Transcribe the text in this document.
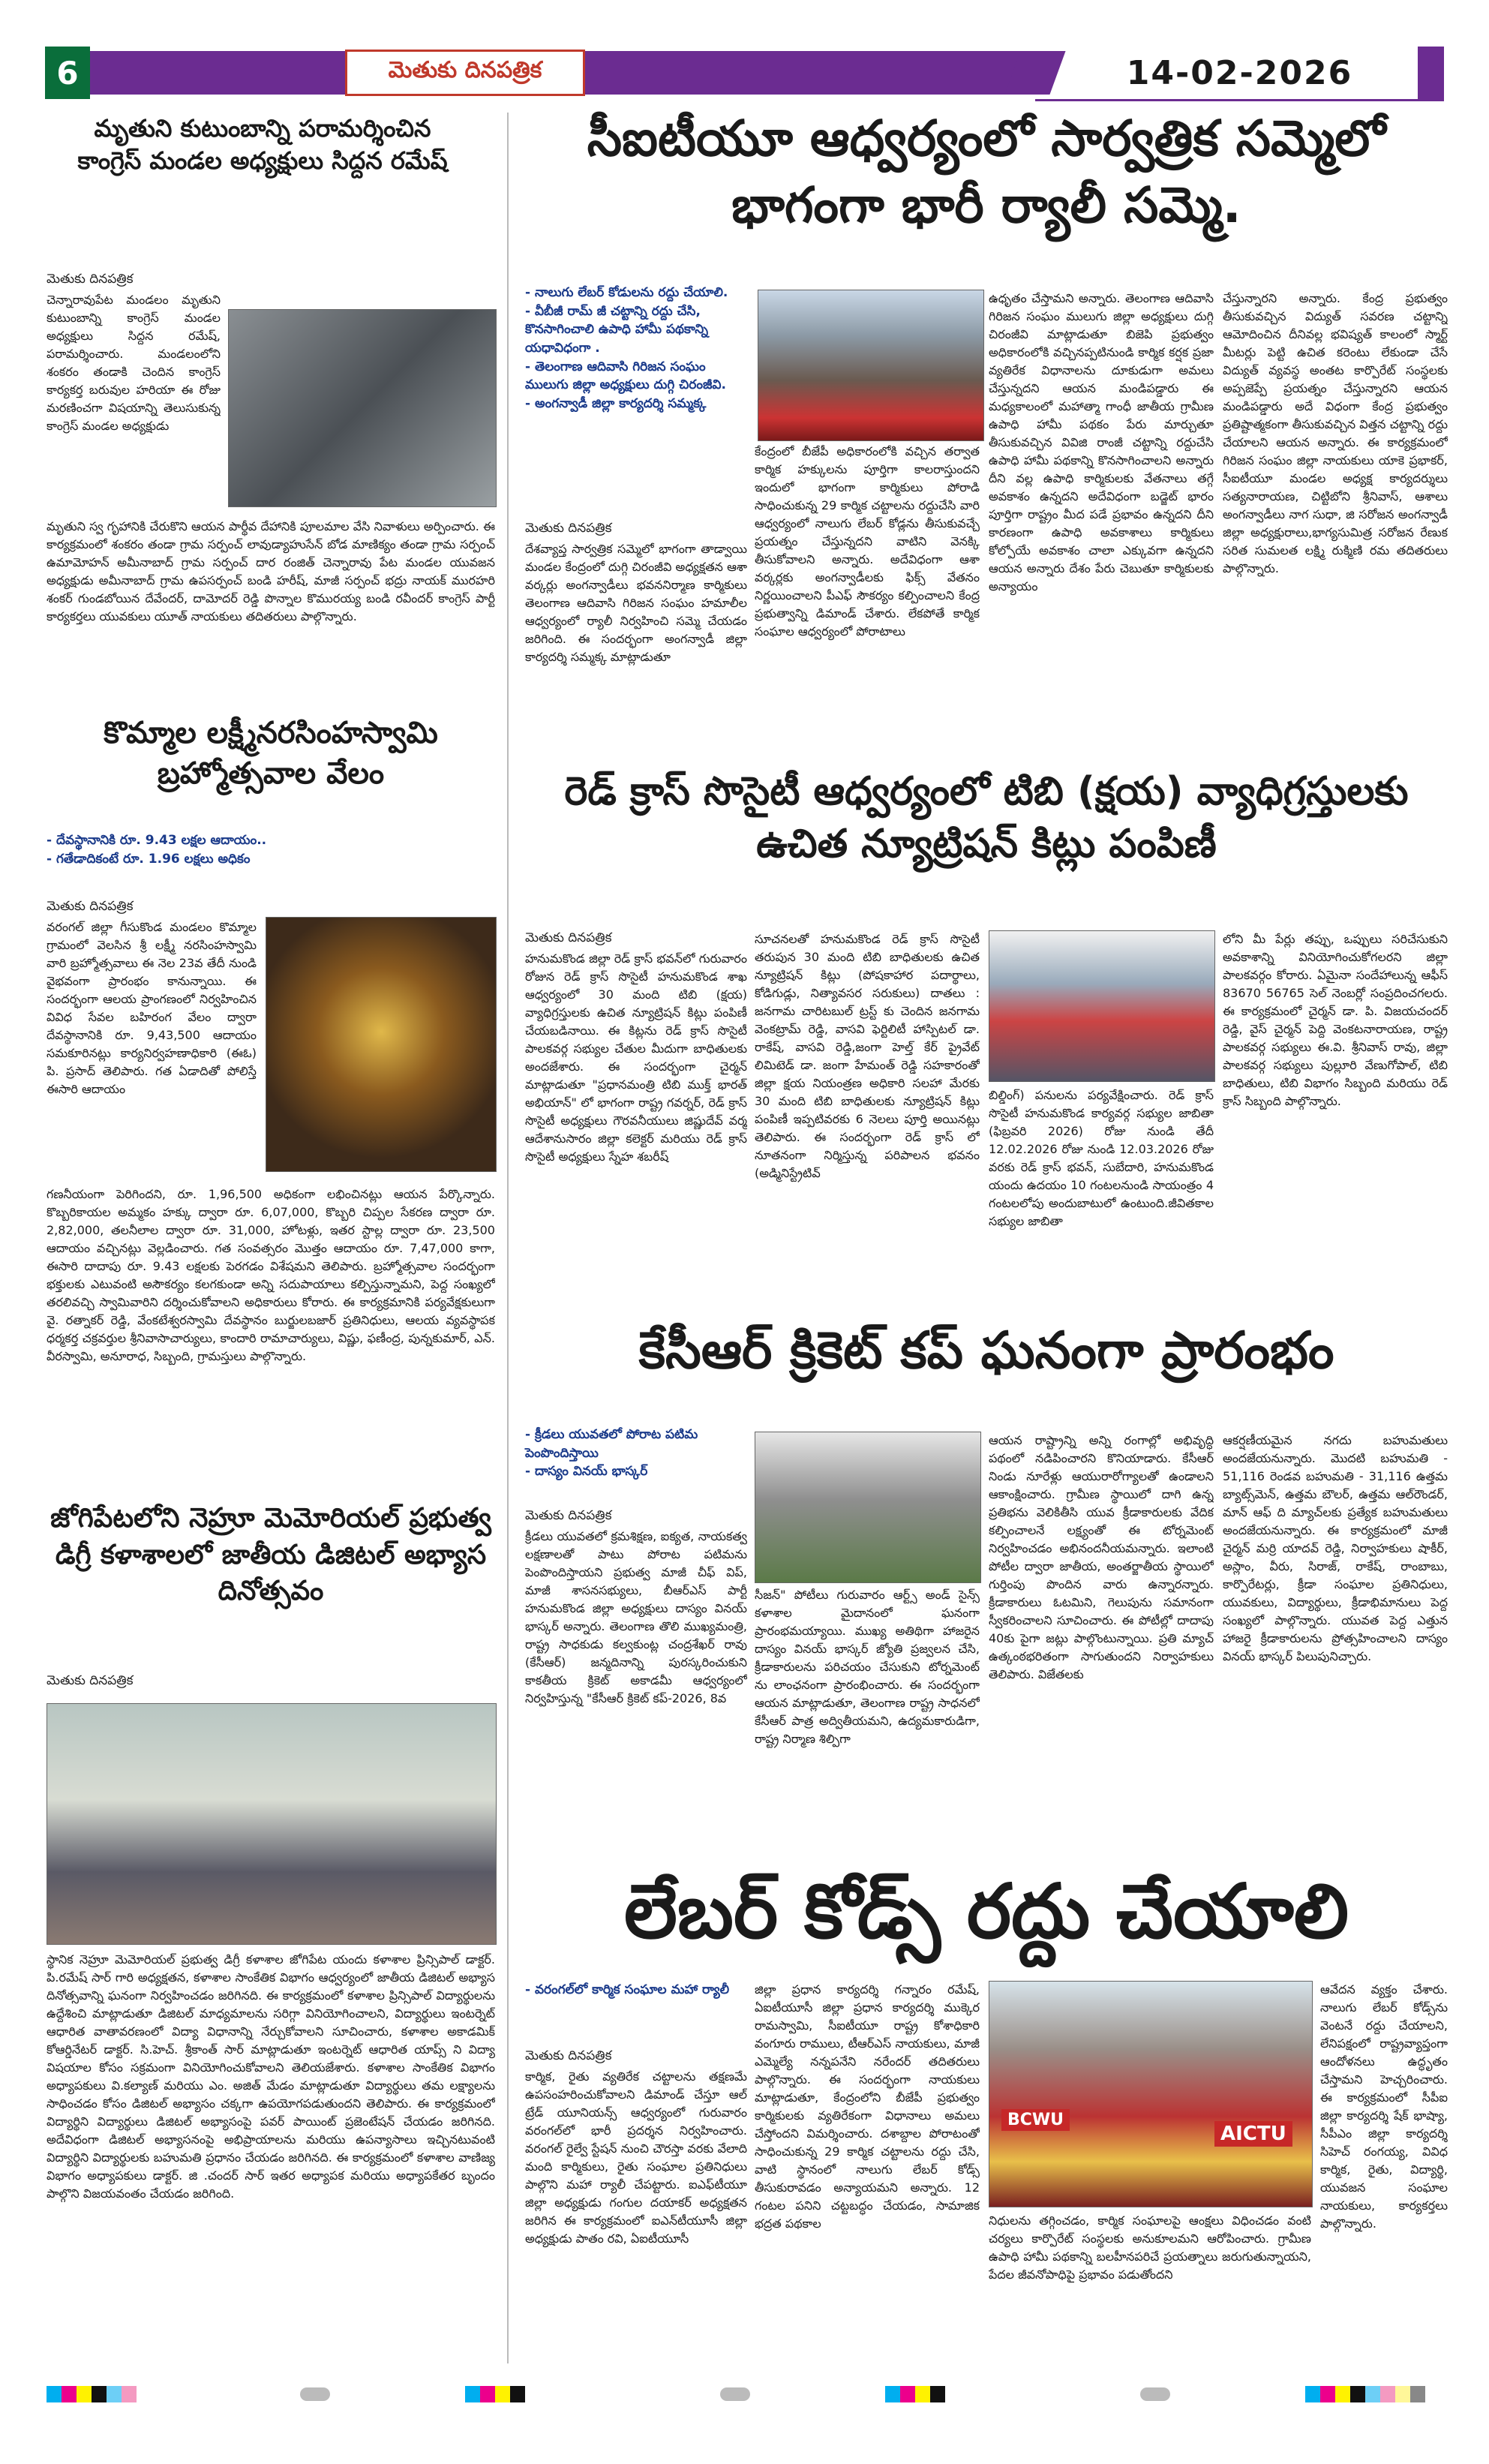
6	మెతుకు దినపత్రిక	14-02-2026
మృతుని కుటుంబాన్ని పరామర్శించిన కాంగ్రెస్ మండల అధ్యక్షులు సిద్దన రమేష్
మెతుకు దినపత్రిక
చెన్నారావుపేట మండలం మృతుని కుటుంబాన్ని కాంగ్రెస్ మండల అధ్యక్షులు సిద్దన రమేష్, పరామర్శించారు. మండలంలోని శంకరం తండాకి చెందిన కాంగ్రెస్ కార్యకర్త బరువుల హరియా ఈ రోజు మరణించగా విషయాన్ని తెలుసుకున్న కాంగ్రెస్ మండల అధ్యక్షుడు
మృతుని స్వ గృహానికి చేరుకొని ఆయన పార్థీవ దేహానికి పూలమాల వేసి నివాళులు అర్పించారు. ఈ కార్యక్రమంలో శంకరం తండా గ్రామ సర్పంచ్ లావుడ్యాహుసేన్ బోడ మాణిక్యం తండా గ్రామ సర్పంచ్ ఉమామోహన్ అమీనాబాద్ గ్రామ సర్పంచ్ దార రంజిత్ చెన్నారావు పేట మండల యువజన అధ్యక్షుడు అమీనాబాద్ గ్రామ ఉపసర్పంచ్ బండి హరీష్, మాజీ సర్పంచ్ భద్రు నాయక్ మురహరి శంకర్ గుండబోయిన దేవేందర్, దామోదర్ రెడ్డి పొన్నాల కొమురయ్య బండి రవీందర్ కాంగ్రెస్ పార్టీ కార్యకర్తలు యువకులు యూత్ నాయకులు తదితరులు పాల్గొన్నారు.
సీఐటీయూ ఆధ్వర్యంలో సార్వత్రిక సమ్మెలో భాగంగా భారీ ర్యాలీ సమ్మె.
- నాలుగు లేబర్ కోడులను రద్దు చేయాలి.
- వీబీజీ రామ్ జీ చట్టాన్ని రద్దు చేసి, కొనసాగించాలి ఉపాధి హామీ పథకాన్ని యధావిధంగా .
- తెలంగాణ ఆదివాసి గిరిజన సంఘం ములుగు జిల్లా అధ్యక్షులు దుగ్గి చిరంజీవి.
- అంగన్వాడీ జిల్లా కార్యదర్శి సమ్మక్క
మెతుకు దినపత్రిక
దేశవ్యాప్త సార్వత్రిక సమ్మెలో భాగంగా తాడ్వాయి మండల కేంద్రంలో దుగ్గి చిరంజీవి అధ్యక్షతన ఆశా వర్కర్లు అంగన్వాడీలు భవననిర్మాణ కార్మికులు తెలంగాణ ఆదివాసి గిరిజన సంఘం హమాలీల ఆధ్వర్యంలో ర్యాలీ నిర్వహించి సమ్మె చేయడం జరిగింది. ఈ సందర్భంగా అంగన్వాడీ జిల్లా కార్యదర్శి సమ్మక్క మాట్లాడుతూ
కేంద్రంలో బీజేపీ అధికారంలోకి వచ్చిన తర్వాత కార్మిక హక్కులను పూర్తిగా కాలరాస్తుందని ఇందులో భాగంగా కార్మికులు పోరాడి సాధించుకున్న 29 కార్మిక చట్టాలను రద్దుచేసి వారి ఆధ్వర్యంలో నాలుగు లేబర్ కోడ్లను తీసుకువచ్చే ప్రయత్నం చేస్తున్నదని వాటిని వెనక్కి తీసుకోవాలని అన్నారు. అదేవిధంగా ఆశా వర్కర్లకు అంగన్వాడీలకు ఫిక్స్ వేతనం నిర్ణయించాలని పీఎఫ్ సౌకర్యం కల్పించాలని కేంద్ర ప్రభుత్వాన్ని డిమాండ్ చేశారు. లేకపోతే కార్మిక సంఘాల ఆధ్వర్యంలో పోరాటాలు
ఉధృతం చేస్తామని అన్నారు. తెలంగాణ ఆదివాసి గిరిజన సంఘం ములుగు జిల్లా అధ్యక్షులు దుగ్గి చిరంజీవి మాట్లాడుతూ బిజెపి ప్రభుత్వం అధికారంలోకి వచ్చినప్పటినుండి కార్మిక కర్షక ప్రజా వ్యతిరేక విధానాలను దూకుడుగా అమలు చేస్తున్నదని ఆయన మండిపడ్డారు ఈ మధ్యకాలంలో మహాత్మా గాంధీ జాతీయ గ్రామీణ ఉపాధి హామీ పథకం పేరు మార్చుతూ తీసుకువచ్చిన వివిజి రాంజీ చట్టాన్ని రద్దుచేసి ఉపాధి హామీ పథకాన్ని కొనసాగించాలని అన్నారు దీని వల్ల ఉపాధి కార్మికులకు వేతనాలు తగ్గే అవకాశం ఉన్నదని అదేవిధంగా బడ్జెట్ భారం పూర్తిగా రాష్ట్రం మీద పడే ప్రభావం ఉన్నదని దీని కారణంగా ఉపాధి అవకాశాలు కార్మికులు కోల్పోయే అవకాశం చాలా ఎక్కువగా ఉన్నదని ఆయన అన్నారు దేశం పేరు చెబుతూ కార్మికులకు అన్యాయం
చేస్తున్నారని అన్నారు. కేంద్ర ప్రభుత్వం తీసుకువచ్చిన విద్యుత్ సవరణ చట్టాన్ని ఆమోదించిన దీనివల్ల భవిష్యత్ కాలంలో స్మార్ట్ మీటర్లు పెట్టి ఉచిత కరెంటు లేకుండా చేసే విద్యుత్ వ్యవస్థ అంతట కార్పొరేట్ సంస్థలకు అప్పజెప్పే ప్రయత్నం చేస్తున్నారని ఆయన మండిపడ్డారు అదే విధంగా కేంద్ర ప్రభుత్వం ప్రతిష్టాత్మకంగా తీసుకువచ్చిన విత్తన చట్టాన్ని రద్దు చేయాలని ఆయన అన్నారు. ఈ కార్యక్రమంలో గిరిజన సంఘం జిల్లా నాయకులు యాకె ప్రభాకర్, సీఐటీయూ మండల అధ్యక్ష కార్యదర్శులు సత్యనారాయణ, చిట్టిబోని శ్రీనివాస్, ఆశాలు అంగన్వాడీలు నాగ సుధా, జి సరోజన అంగన్వాడీ జిల్లా అధ్యక్షురాలు,భాగ్యసుమిత్ర సరోజన రేణుక సరిత సుమలత లక్ష్మి రుక్మిణి రమ తదితరులు పాల్గొన్నారు.
కొమ్మాల లక్ష్మీనరసింహస్వామి బ్రహ్మోత్సవాల వేలం
- దేవస్థానానికి రూ. 9.43 లక్షల ఆదాయం..
- గతేడాదికంటే రూ. 1.96 లక్షలు అధికం
మెతుకు దినపత్రిక
వరంగల్ జిల్లా గీసుకొండ మండలం కొమ్మాల గ్రామంలో వెలసిన శ్రీ లక్ష్మీ నరసింహస్వామి వారి బ్రహ్మోత్సవాలు ఈ నెల 23వ తేదీ నుండి వైభవంగా ప్రారంభం కానున్నాయి. ఈ సందర్భంగా ఆలయ ప్రాంగణంలో నిర్వహించిన వివిధ సేవల బహిరంగ వేలం ద్వారా దేవస్థానానికి రూ. 9,43,500 ఆదాయం సమకూరినట్లు కార్యనిర్వహణాధికారి (ఈఓ) పి. ప్రసాద్ తెలిపారు. గత ఏడాదితో పోలిస్తే ఈసారి ఆదాయం
గణనీయంగా పెరిగిందని, రూ. 1,96,500 అధికంగా లభించినట్లు ఆయన పేర్కొన్నారు. కొబ్బరికాయల అమ్మకం హక్కు ద్వారా రూ. 6,07,000, కొబ్బరి చిప్పల సేకరణ ద్వారా రూ. 2,82,000, తలనీలాల ద్వారా రూ. 31,000, హోటళ్లు, ఇతర స్టాల్ల ద్వారా రూ. 23,500 ఆదాయం వచ్చినట్లు వెల్లడించారు. గత సంవత్సరం మొత్తం ఆదాయం రూ. 7,47,000 కాగా, ఈసారి దాదాపు రూ. 9.43 లక్షలకు పెరగడం విశేషమని తెలిపారు. బ్రహ్మోత్సవాల సందర్భంగా భక్తులకు ఎటువంటి అసౌకర్యం కలగకుండా అన్ని సదుపాయాలు కల్పిస్తున్నామని, పెద్ద సంఖ్యలో తరలివచ్చి స్వామివారిని దర్శించుకోవాలని అధికారులు కోరారు. ఈ కార్యక్రమానికి పర్యవేక్షకులుగా వై. రత్నాకర్ రెడ్డి, వేంకటేశ్వరస్వామి దేవస్థానం బుర్జులబజార్ ప్రతినిధులు, ఆలయ వ్యవస్థాపక ధర్మకర్త చక్రవర్తుల శ్రీనివాసాచార్యులు, కాందారి రామాచార్యులు, విష్ణు, ఫణీంద్ర, పున్నకుమార్, ఎన్. వీరస్వామి, అనూరాధ, సిబ్బంది, గ్రామస్తులు పాల్గొన్నారు.
రెడ్ క్రాస్ సొసైటీ ఆధ్వర్యంలో టిబి (క్షయ) వ్యాధిగ్రస్తులకు ఉచిత న్యూట్రిషన్ కిట్లు పంపిణీ
మెతుకు దినపత్రిక
హనుమకొండ జిల్లా రెడ్ క్రాస్ భవన్‌లో గురువారం రోజున రెడ్ క్రాస్ సొసైటీ హనుమకొండ శాఖ ఆధ్వర్యంలో 30 మంది టిబి (క్షయ) వ్యాధిగ్రస్తులకు ఉచిత న్యూట్రిషన్ కిట్లు పంపిణీ చేయబడినాయి. ఈ కిట్లను రెడ్ క్రాస్ సొసైటీ పాలకవర్గ సభ్యుల చేతుల మీదుగా బాధితులకు అందజేశారు. ఈ సందర్భంగా చైర్మన్ మాట్లాడుతూ "ప్రధానమంత్రి టిబి ముక్త్ భారత్ అభియాన్" లో భాగంగా రాష్ట్ర గవర్నర్, రెడ్ క్రాస్ సొసైటీ అధ్యక్షులు గౌరవనీయులు జిష్ణుదేవ్ వర్మ ఆదేశానుసారం జిల్లా కలెక్టర్ మరియు రెడ్ క్రాస్ సొసైటీ అధ్యక్షులు స్నేహ శబరీష్
సూచనలతో హనుమకొండ రెడ్ క్రాస్ సొసైటీ తరుపున 30 మంది టిబి బాధితులకు ఉచిత న్యూట్రిషన్ కిట్లు (పోషకాహార పదార్థాలు, కోడిగుడ్లు, నిత్యావసర సరుకులు) దాతలు : జనగామ చారిటబుల్ ట్రస్ట్ కు చెందిన జనగామ వెంకట్రామ్ రెడ్డి, వాసవి ఫెర్టిలిటీ హాస్పిటల్ డా. రాకేష్, వాసవి రెడ్డి,జంగా హెల్త్ కేర్ ప్రైవేట్ లిమిటెడ్ డా. జంగా హేమంత్ రెడ్డి సహకారంతో జిల్లా క్షయ నియంత్రణ అధికారి సలహా మేరకు 30 మంది టిబి బాధితులకు న్యూట్రిషన్ కిట్లు పంపిణీ ఇప్పటివరకు 6 నెలలు పూర్తి అయినట్లు తెలిపారు. ఈ సందర్భంగా రెడ్ క్రాస్ లో నూతనంగా నిర్మిస్తున్న పరిపాలన భవనం (అడ్మినిస్ట్రేటివ్
బిల్డింగ్) పనులను పర్యవేక్షించారు. రెడ్ క్రాస్ సొసైటీ హనుమకొండ కార్యవర్గ సభ్యుల జాబితా (ఫిబ్రవరి 2026) రోజు నుండి తేదీ 12.02.2026 రోజు నుండి 12.03.2026 రోజు వరకు రెడ్ క్రాస్ భవన్, సుబేదారి, హనుమకొండ యందు ఉదయం 10 గంటలనుండి సాయంత్రం 4 గంటలలోపు అందుబాటులో ఉంటుంది.జీవితకాల సభ్యుల జాబితా
లోని మీ పేర్లు తప్పు, ఒప్పులు సరిచేసుకుని అవకాశాన్ని వినియోగించుకోగలరని జిల్లా పాలకవర్గం కోరారు. ఏమైనా సందేహాలున్న ఆఫీస్ 83670 56765 సెల్ నెంబర్లో సంప్రదించగలరు. ఈ కార్యక్రమంలో చైర్మన్ డా. పి. విజయచందర్ రెడ్డి, వైస్ చైర్మన్ పెద్ది వెంకటనారాయణ, రాష్ట్ర పాలకవర్గ సభ్యులు ఈ.వి. శ్రీనివాస్ రావు, జిల్లా పాలకవర్గ సభ్యులు పుల్లూరి వేణుగోపాల్, టిబి బాధితులు, టిబి విభాగం సిబ్బంది మరియు రెడ్ క్రాస్ సిబ్బంది పాల్గొన్నారు.
కేసీఆర్ క్రికెట్ కప్ ఘనంగా ప్రారంభం
- క్రీడలు యువతలో పోరాట పటిమ పెంపొందిస్తాయి
- దాస్యం వినయ్ భాస్కర్
మెతుకు దినపత్రిక
క్రీడలు యువతలో క్రమశిక్షణ, ఐక్యత, నాయకత్వ లక్షణాలతో పాటు పోరాట పటిమను పెంపొందిస్తాయని ప్రభుత్వ మాజీ చీఫ్ విప్, మాజీ శాసనసభ్యులు, బీఆర్ఎస్ పార్టీ హనుమకొండ జిల్లా అధ్యక్షులు దాస్యం వినయ్ భాస్కర్ అన్నారు. తెలంగాణ తొలి ముఖ్యమంత్రి, రాష్ట్ర సాధకుడు కల్వకుంట్ల చంద్రశేఖర్ రావు (కేసీఆర్) జన్మదినాన్ని పురస్కరించుకుని కాకతీయ క్రికెట్ అకాడమీ ఆధ్వర్యంలో నిర్వహిస్తున్న "కేసీఆర్ క్రికెట్ కప్-2026, 8వ
సీజన్" పోటీలు గురువారం ఆర్ట్స్ అండ్ సైన్స్ కళాశాల మైదానంలో ఘనంగా ప్రారంభమయ్యాయి. ముఖ్య అతిథిగా హాజరైన దాస్యం వినయ్ భాస్కర్ జ్యోతి ప్రజ్వలన చేసి, క్రీడాకారులను పరిచయం చేసుకుని టోర్నమెంట్ ను లాంఛనంగా ప్రారంభించారు. ఈ సందర్భంగా ఆయన మాట్లాడుతూ, తెలంగాణ రాష్ట్ర సాధనలో కేసీఆర్ పాత్ర అద్వితీయమని, ఉద్యమకారుడిగా, రాష్ట్ర నిర్మాణ శిల్పిగా
ఆయన రాష్ట్రాన్ని అన్ని రంగాల్లో అభివృద్ధి పథంలో నడిపించారని కొనియాడారు. కేసీఆర్ నిండు నూరేళ్లు ఆయురారోగ్యాలతో ఉండాలని ఆకాంక్షించారు. గ్రామీణ స్థాయిలో దాగి ఉన్న ప్రతిభను వెలికితీసి యువ క్రీడాకారులకు వేదిక కల్పించాలనే లక్ష్యంతో ఈ టోర్నమెంట్ నిర్వహించడం అభినందనీయమన్నారు. ఇలాంటి పోటీల ద్వారా జాతీయ, అంతర్జాతీయ స్థాయిలో గుర్తింపు పొందిన వారు ఉన్నారన్నారు. క్రీడాకారులు ఓటమిని, గెలుపును సమానంగా స్వీకరించాలని సూచించారు. ఈ పోటీల్లో దాదాపు 40కు పైగా జట్లు పాల్గొంటున్నాయి. ప్రతి మ్యాచ్ ఉత్కంఠభరితంగా సాగుతుందని నిర్వాహకులు తెలిపారు. విజేతలకు
ఆకర్షణీయమైన నగదు బహుమతులు అందజేయనున్నారు. మొదటి బహుమతి - 51,116 రెండవ బహుమతి - 31,116 ఉత్తమ బ్యాట్స్‌మెన్, ఉత్తమ బౌలర్, ఉత్తమ ఆల్‌రౌండర్, మాన్ ఆఫ్ ది మ్యాచ్‌లకు ప్రత్యేక బహుమతులు అందజేయనున్నారు. ఈ కార్యక్రమంలో మాజీ చైర్మన్ మర్రి యాదవ్ రెడ్డి, నిర్వాహకులు షాకీర్, అస్లాం, వీరు, సిరాజ్, రాకేష్, రాంబాబు, కార్పొరేటర్లు, క్రీడా సంఘాల ప్రతినిధులు, యువకులు, విద్యార్థులు, క్రీడాభిమానులు పెద్ద సంఖ్యలో పాల్గొన్నారు. యువత పెద్ద ఎత్తున హాజరై క్రీడాకారులను ప్రోత్సహించాలని దాస్యం వినయ్ భాస్కర్ పిలుపునిచ్చారు.
జోగిపేటలోని నెహ్రూ మెమోరియల్ ప్రభుత్వ డిగ్రీ కళాశాలలో జాతీయ డిజిటల్ అభ్యాస దినోత్సవం
మెతుకు దినపత్రిక
స్థానిక నెహ్రూ మెమోరియల్ ప్రభుత్వ డిగ్రీ కళాశాల జోగిపేట యందు కళాశాల ప్రిన్సిపాల్ డాక్టర్. పి.రమేష్ సార్ గారి అధ్యక్షతన, కళాశాల సాంకేతిక విభాగం ఆధ్వర్యంలో జాతీయ డిజిటల్ అభ్యాస దినోత్సవాన్ని ఘనంగా నిర్వహించడం జరిగినది. ఈ కార్యక్రమంలో కళాశాల ప్రిన్సిపాల్ విద్యార్థులను ఉద్దేశించి మాట్లాడుతూ డిజిటల్ మాధ్యమాలను సరిగ్గా వినియోగించాలని, విద్యార్థులు ఇంటర్నెట్ ఆధారిత వాతావరణంలో విద్యా విధానాన్ని నేర్చుకోవాలని సూచించారు, కళాశాల అకాడమిక్ కోఆర్డినేటర్ డాక్టర్. సి.హెచ్. శ్రీకాంత్ సార్ మాట్లాడుతూ ఇంటర్నెట్ ఆధారిత యాప్స్ ని విద్యా విషయాల కోసం సక్రమంగా వినియోగించుకోవాలని తెలియజేశారు. కళాశాల సాంకేతిక విభాగం అధ్యాపకులు వి.కల్యాణ్ మరియు ఎం. అజిత్ మేడం మాట్లాడుతూ విద్యార్థులు తమ లక్ష్యాలను సాధించడం కోసం డిజిటల్ అభ్యాసం చక్కగా ఉపయోగపడుతుందని తెలిపారు. ఈ కార్యక్రమంలో విద్యార్థిని విద్యార్థులు డిజిటల్ అభ్యాసంపై పవర్ పాయింట్ ప్రజెంటేషన్ చేయడం జరిగినది. అదేవిధంగా డిజిటల్ అభ్యాసనంపై అభిప్రాయాలను మరియు ఉపన్యాసాలు ఇచ్చినటువంటి విద్యార్థిని విద్యార్థులకు బహుమతి ప్రధానం చేయడం జరిగినది. ఈ కార్యక్రమంలో కళాశాల వాణిజ్య విభాగం అధ్యాపకులు డాక్టర్. జి .చందర్ సార్ ఇతర అధ్యాపక మరియు అధ్యాపకేతర బృందం పాల్గొని విజయవంతం చేయడం జరిగింది.
లేబర్ కోడ్స్ రద్దు చేయాలి
- వరంగల్‌లో కార్మిక సంఘాల మహా ర్యాలీ
మెతుకు దినపత్రిక
కార్మిక, రైతు వ్యతిరేక చట్టాలను తక్షణమే ఉపసంహరించుకోవాలని డిమాండ్ చేస్తూ ఆల్ ట్రేడ్ యూనియన్స్ ఆధ్వర్యంలో గురువారం వరంగల్‌లో భారీ ప్రదర్శన నిర్వహించారు. వరంగల్ రైల్వే స్టేషన్ నుంచి చౌరస్తా వరకు వేలాది మంది కార్మికులు, రైతు సంఘాల ప్రతినిధులు పాల్గొని మహా ర్యాలీ చేపట్టారు. ఐఎఫ్‌టీయూ జిల్లా అధ్యక్షుడు గంగుల దయాకర్ అధ్యక్షతన జరిగిన ఈ కార్యక్రమంలో ఐఎన్‌టీయూసీ జిల్లా అధ్యక్షుడు పాతం రవి, ఏఐటీయూసీ
జిల్లా ప్రధాన కార్యదర్శి గన్నారం రమేష్, ఏఐటీయూసీ జిల్లా ప్రధాన కార్యదర్శి ముక్కెర రామస్వామి, సీఐటీయూ రాష్ట్ర కోశాధికారి వంగూరు రాములు, టీఆర్‌ఎస్‌ నాయకులు, మాజీ ఎమ్మెల్యే నన్నపనేని నరేందర్ తదితరులు పాల్గొన్నారు. ఈ సందర్భంగా నాయకులు మాట్లాడుతూ, కేంద్రంలోని బీజేపీ ప్రభుత్వం కార్మికులకు వ్యతిరేకంగా విధానాలు అమలు చేస్తోందని విమర్శించారు. దశాబ్దాల పోరాటంతో సాధించుకున్న 29 కార్మిక చట్టాలను రద్దు చేసి, వాటి స్థానంలో నాలుగు లేబర్ కోడ్స్ తీసుకురావడం అన్యాయమని అన్నారు. 12 గంటల పనిని చట్టబద్ధం చేయడం, సామాజిక భద్రత పథకాల
BCWU
AICTU
నిధులను తగ్గించడం, కార్మిక సంఘాలపై ఆంక్షలు విధించడం వంటి చర్యలు కార్పొరేట్ సంస్థలకు అనుకూలమని ఆరోపించారు. గ్రామీణ ఉపాధి హామీ పథకాన్ని బలహీనపరిచే ప్రయత్నాలు జరుగుతున్నాయని, పేదల జీవనోపాధిపై ప్రభావం పడుతోందని
ఆవేదన వ్యక్తం చేశారు. నాలుగు లేబర్ కోడ్స్‌ను వెంటనే రద్దు చేయాలని, లేనిపక్షంలో రాష్ట్రవ్యాప్తంగా ఆందోళనలు ఉద్ధృతం చేస్తామని హెచ్చరించారు. ఈ కార్యక్రమంలో సీపీఐ జిల్లా కార్యదర్శి షేక్ భాష్యా, సీపీఎం జిల్లా కార్యదర్శి సిహెచ్ రంగయ్య, వివిధ కార్మిక, రైతు, విద్యార్థి, యువజన సంఘాల నాయకులు, కార్యకర్తలు పాల్గొన్నారు.
